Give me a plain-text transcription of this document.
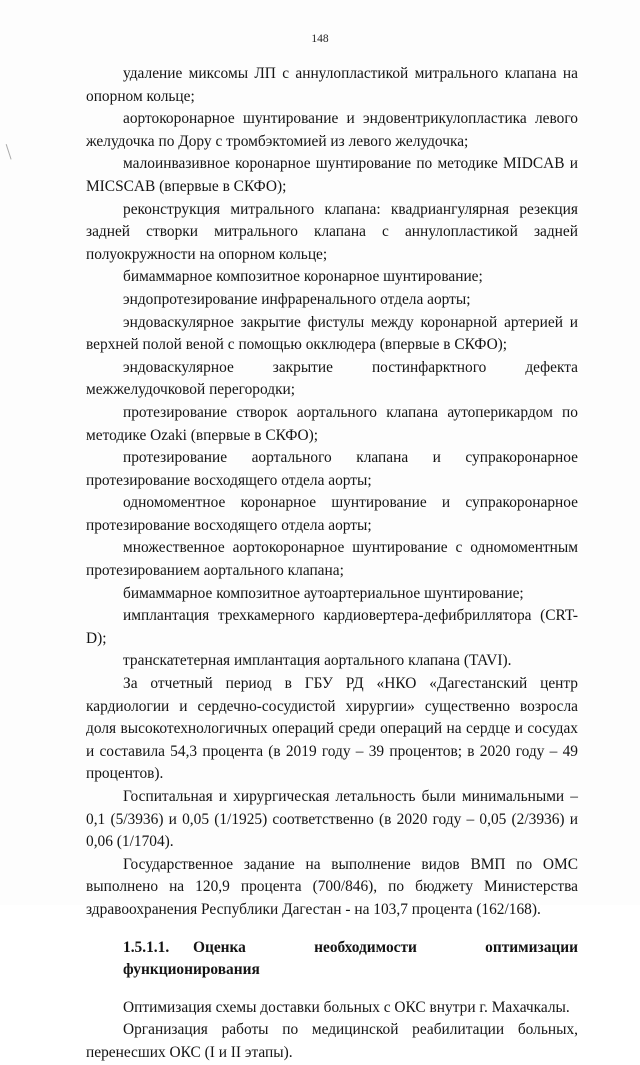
148

удаление миксомы ЛП с аннулопластикой митрального клапана на опорном кольце;

аортокоронарное шунтирование и эндовентрикулопластика левого желудочка по Дору с тромбэктомией из левого желудочка;

малоинвазивное коронарное шунтирование по методике MIDCAB и MICSCAB (впервые в СКФО);

реконструкция митрального клапана: квадриангулярная резекция задней створки митрального клапана с аннулопластикой задней полуокружности на опорном кольце;

бимаммарное композитное коронарное шунтирование;

эндопротезирование инфраренального отдела аорты;

эндоваскулярное закрытие фистулы между коронарной артерией и верхней полой веной с помощью окклюдера (впервые в СКФО);

эндоваскулярное закрытие постинфарктного дефекта межжелудочковой перегородки;

протезирование створок аортального клапана аутоперикардом по методике Ozaki (впервые в СКФО);

протезирование аортального клапана и супракоронарное протезирование восходящего отдела аорты;

одномоментное коронарное шунтирование и супракоронарное протезирование восходящего отдела аорты;

множественное аортокоронарное шунтирование с одномоментным протезированием аортального клапана;

бимаммарное композитное аутоартериальное шунтирование;

имплантация трехкамерного кардиовертера-дефибриллятора (CRT-D);

транскатетерная имплантация аортального клапана (TAVI).

За отчетный период в ГБУ РД «НКО «Дагестанский центр кардиологии и сердечно-сосудистой хирургии» существенно возросла доля высокотехнологичных операций среди операций на сердце и сосудах и составила 54,3 процента (в 2019 году – 39 процентов; в 2020 году – 49 процентов).

Госпитальная и хирургическая летальность были минимальными – 0,1 (5/3936) и 0,05 (1/1925) соответственно (в 2020 году – 0,05 (2/3936) и 0,06 (1/1704).

Государственное задание на выполнение видов ВМП по ОМС выполнено на 120,9 процента (700/846), по бюджету Министерства здравоохранения Республики Дагестан - на 103,7 процента (162/168).

1.5.1.1. Оценка необходимости оптимизации функционирования

Оптимизация схемы доставки больных с ОКС внутри г. Махачкалы.

Организация работы по медицинской реабилитации больных, перенесших ОКС (I и II этапы).
